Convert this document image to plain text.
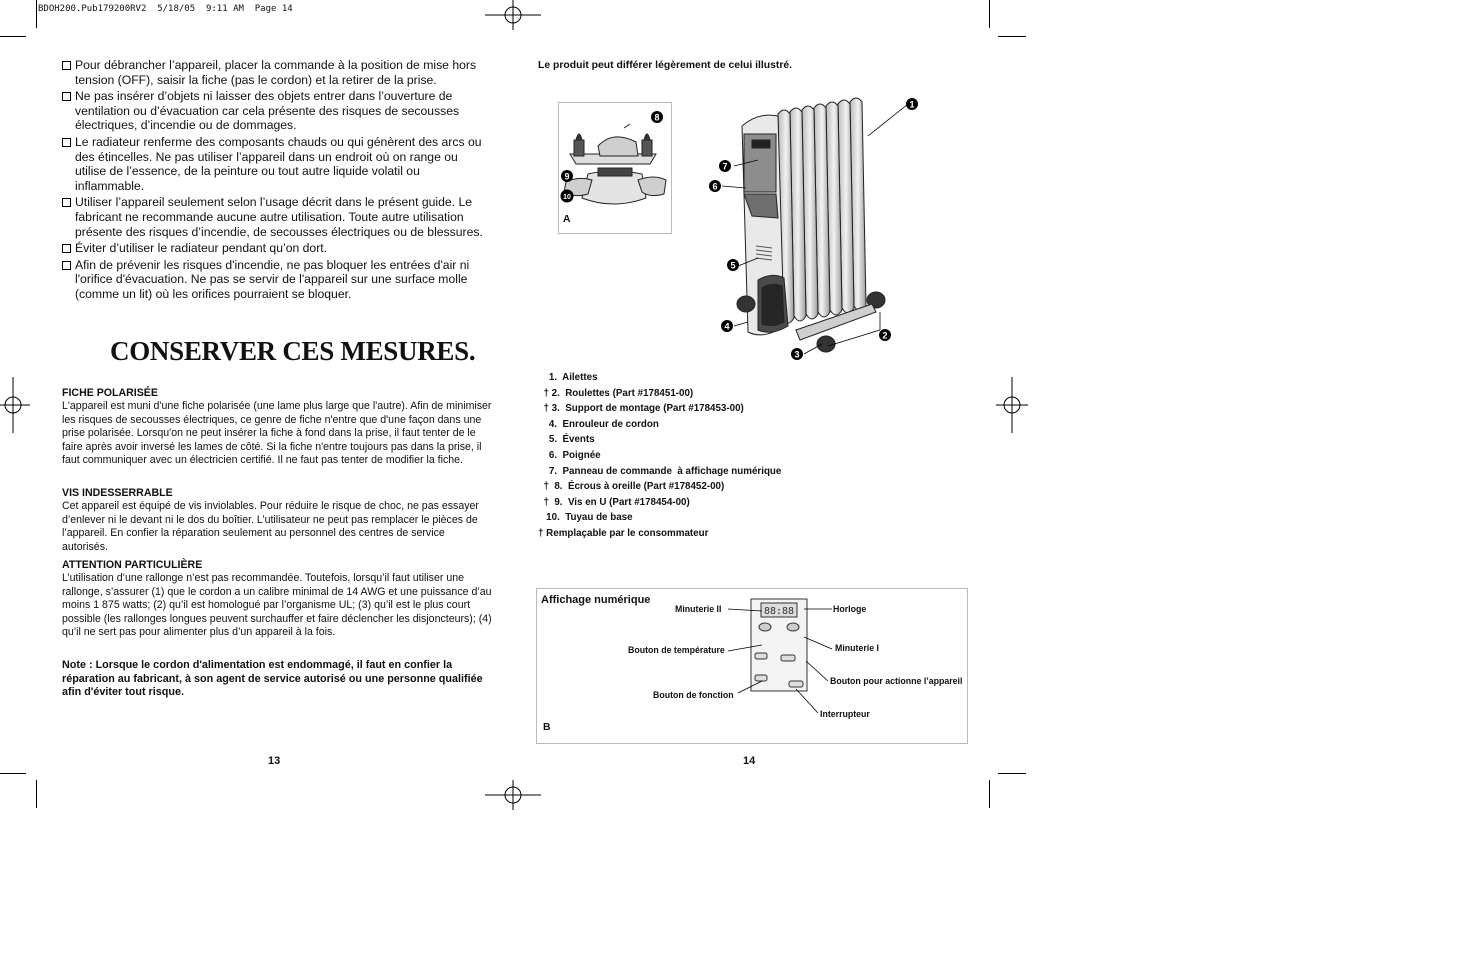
BDOH200.Pub179200RV2  5/18/05  9:11 AM  Page 14
Pour débrancher l’appareil, placer la commande à la position de mise hors tension (OFF), saisir la fiche (pas le cordon) et la retirer de la prise.
Ne pas insérer d’objets ni laisser des objets entrer dans l’ouverture de ventilation ou d’évacuation car cela présente des risques de secousses électriques, d’incendie ou de dommages.
Le radiateur renferme des composants chauds ou qui génèrent des arcs ou des étincelles. Ne pas utiliser l’appareil dans un endroit où on range ou utilise de l’essence, de la peinture ou tout autre liquide volatil ou inflammable.
Utiliser l’appareil seulement selon l’usage décrit dans le présent guide. Le fabricant ne recommande aucune autre utilisation. Toute autre utilisation présente des risques d’incendie, de secousses électriques ou de blessures.
Éviter d’utiliser le radiateur pendant qu’on dort.
Afin de prévenir les risques d'incendie, ne pas bloquer les entrées d'air ni l'orifice d'évacuation. Ne pas se servir de l'appareil sur une surface molle (comme un lit) où les orifices pourraient se bloquer.
CONSERVER CES MESURES.
FICHE POLARISÉE

L'appareil est muni d'une fiche polarisée (une lame plus large que l'autre). Afin de minimiser les risques de secousses électriques, ce genre de fiche n'entre que d'une façon dans une prise polarisée. Lorsqu'on ne peut insérer la fiche à fond dans la prise, il faut tenter de le faire après avoir inversé les lames de côté. Si la fiche n'entre toujours pas dans la prise, il faut communiquer avec un électricien certifié. Il ne faut pas tenter de modifier la fiche.

VIS INDESSERRABLE

Cet appareil est équipé de vis inviolables. Pour réduire le risque de choc, ne pas essayer d’enlever ni le devant ni le dos du boîtier. L’utilisateur ne peut pas remplacer le pièces de l’appareil. En confier la réparation seulement au personnel des centres de service autorisés.

ATTENTION PARTICULIÈRE

L’utilisation d’une rallonge n’est pas recommandée. Toutefois, lorsqu’il faut utiliser une rallonge, s’assurer (1) que le cordon a un calibre minimal de 14 AWG et une puissance d’au moins 1 875 watts; (2) qu’il est homologué par l’organisme UL; (3) qu’il est le plus court possible (les rallonges longues peuvent surchauffer et faire déclencher les disjoncteurs); (4) qu’il ne sert pas pour alimenter plus d’un appareil à la fois.

Note : Lorsque le cordon d'alimentation est endommagé, il faut en confier la réparation au fabricant, à son agent de service autorisé ou une personne qualifiée afin d'éviter tout risque.
13
Le produit peut différer légèrement de celui illustré.
A
1
2
3
4
5
6
7
8
9
10
1.  Ailettes
† 2.  Roulettes (Part #178451-00)
† 3.  Support de montage (Part #178453-00)
4.  Enrouleur de cordon
5.  Évents
6.  Poignée
7.  Panneau de commande  à affichage numérique
†  8.  Écrous à oreille (Part #178452-00)
†  9.  Vis en U (Part #178454-00)
10.  Tuyau de base
† Remplaçable par le consommateur
Affichage numérique
B
88:88
Minuterie II	Horloge
Bouton de température	Minuterie I
Bouton pour actionne l’appareil
Bouton de fonction
Interrupteur
14
